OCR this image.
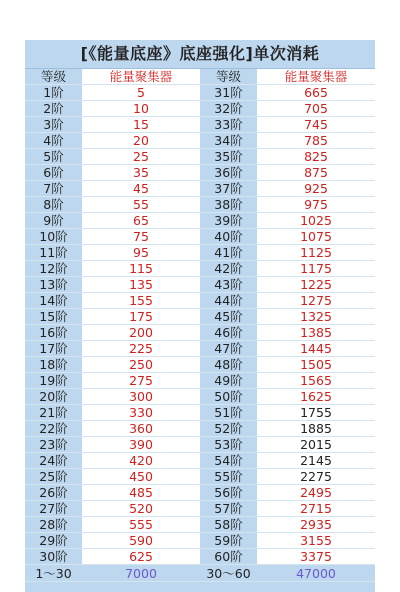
[《能量底座》底座强化]单次消耗
等级	能量聚集器	等级	能量聚集器
1阶	5	31阶	665
2阶	10	32阶	705
3阶	15	33阶	745
4阶	20	34阶	785
5阶	25	35阶	825
6阶	35	36阶	875
7阶	45	37阶	925
8阶	55	38阶	975
9阶	65	39阶	1025
10阶	75	40阶	1075
11阶	95	41阶	1125
12阶	115	42阶	1175
13阶	135	43阶	1225
14阶	155	44阶	1275
15阶	175	45阶	1325
16阶	200	46阶	1385
17阶	225	47阶	1445
18阶	250	48阶	1505
19阶	275	49阶	1565
20阶	300	50阶	1625
21阶	330	51阶	1755
22阶	360	52阶	1885
23阶	390	53阶	2015
24阶	420	54阶	2145
25阶	450	55阶	2275
26阶	485	56阶	2495
27阶	520	57阶	2715
28阶	555	58阶	2935
29阶	590	59阶	3155
30阶	625	60阶	3375
1～30	7000	30～60	47000
